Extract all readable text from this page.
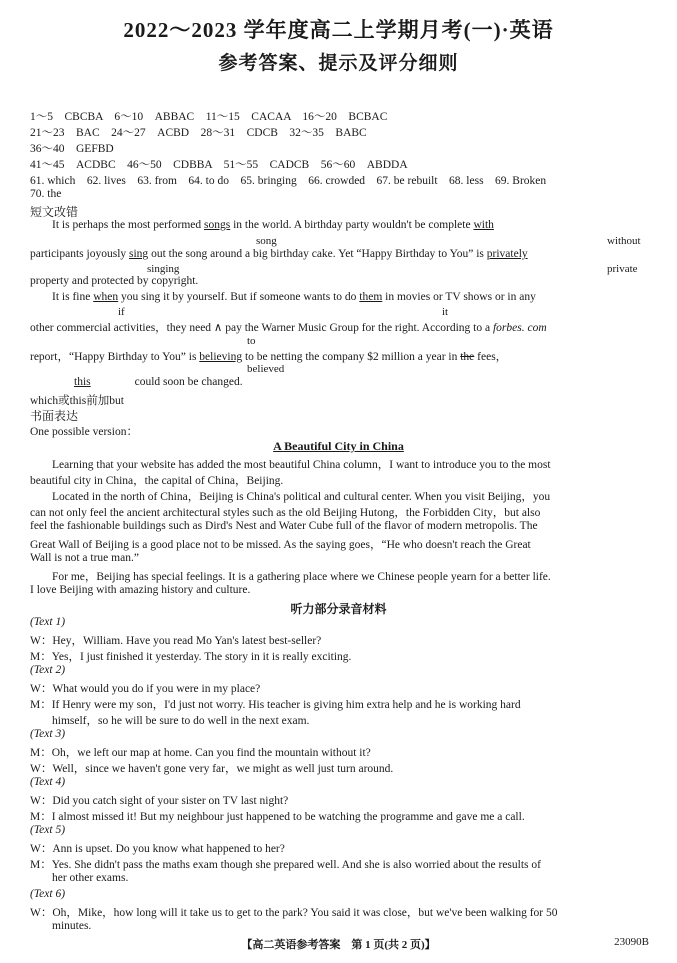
2022～2023 学年度高二上学期月考(一)·英语
参考答案、提示及评分细则
1～5　CBCBA　6～10　ABBAC　11～15　CACAA　16～20　BCBAC
21～23　BAC　24～27　ACBD　28～31　CDCB　32～35　BABC
36～40　GEFBD
41～45　ACDBC　46～50　CDBBA　51～55　CADCB　56～60　ABDDA
61. which　62. lives　63. from　64. to do　65. bringing　66. crowded　67. be rebuilt　68. less　69. Broken
70. the
短文改错
It is perhaps the most performed songs in the world. A birthday party wouldn't be complete with
song	without
participants joyously sing out the song around a big birthday cake. Yet “Happy Birthday to You” is privately
singing	private
property and protected by copyright.
It is fine when you sing it by yourself. But if someone wants to do them in movies or TV shows or in any
if	it
other commercial activities，they need ∧ pay the Warner Music Group for the right. According to a forbes. com
to
report，“Happy Birthday to You” is believing to be netting the company $2 million a year in the fees，
believed
this	could soon be changed.
which或this前加but
书面表达
One possible version：
A Beautiful City in China
Learning that your website has added the most beautiful China column，I want to introduce you to the most
beautiful city in China，the capital of China，Beijing.
Located in the north of China，Beijing is China's political and cultural center. When you visit Beijing，you
can not only feel the ancient architectural styles such as the old Beijing Hutong，the Forbidden City，but also
feel the fashionable buildings such as Dird's Nest and Water Cube full of the flavor of modern metropolis. The
Great Wall of Beijing is a good place not to be missed. As the saying goes，“He who doesn't reach the Great
Wall is not a true man.”
For me，Beijing has special feelings. It is a gathering place where we Chinese people yearn for a better life.
I love Beijing with amazing history and culture.
听力部分录音材料
(Text 1)
W：Hey，William. Have you read Mo Yan's latest best-seller?
M：Yes，I just finished it yesterday. The story in it is really exciting.
(Text 2)
W：What would you do if you were in my place?
M：If Henry were my son，I'd just not worry. His teacher is giving him extra help and he is working hard
himself，so he will be sure to do well in the next exam.
(Text 3)
M：Oh，we left our map at home. Can you find the mountain without it?
W：Well，since we haven't gone very far，we might as well just turn around.
(Text 4)
W：Did you catch sight of your sister on TV last night?
M：I almost missed it! But my neighbour just happened to be watching the programme and gave me a call.
(Text 5)
W：Ann is upset. Do you know what happened to her?
M：Yes. She didn't pass the maths exam though she prepared well. And she is also worried about the results of
her other exams.
(Text 6)
W：Oh，Mike，how long will it take us to get to the park? You said it was close，but we've been walking for 50
minutes.
【高二英语参考答案　第 1 页(共 2 页)】	23090B
